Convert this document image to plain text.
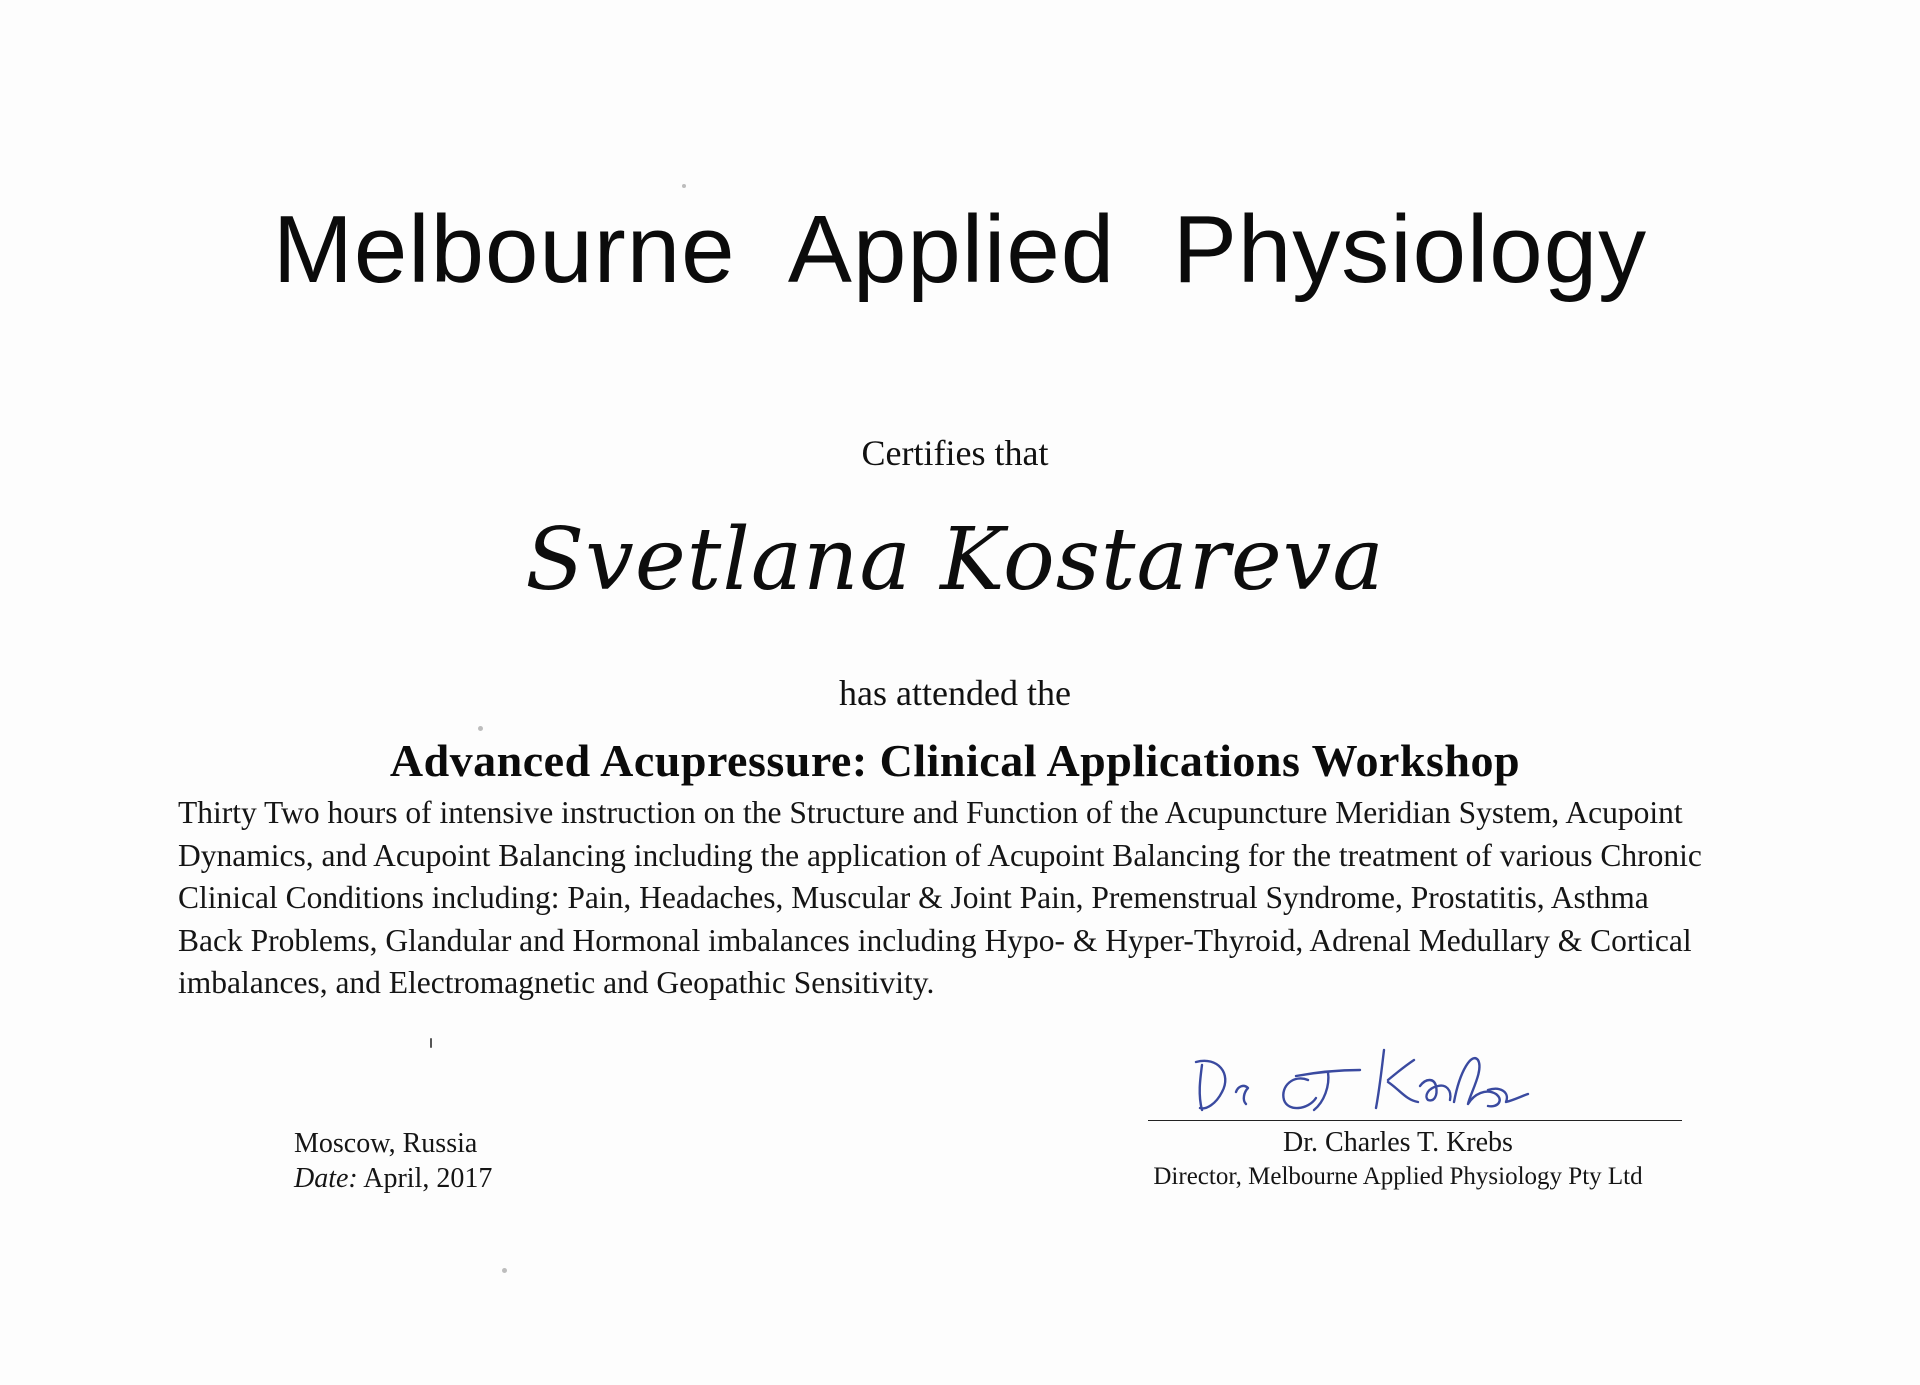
Melbourne Applied Physiology
Certifies that
Svetlana Kostareva
has attended the
Advanced Acupressure: Clinical Applications Workshop

Thirty Two hours of intensive instruction on the Structure and Function of the Acupuncture Meridian System, Acupoint
Dynamics, and Acupoint Balancing including the application of Acupoint Balancing for the treatment of various Chronic
Clinical Conditions including: Pain, Headaches, Muscular & Joint Pain, Premenstrual Syndrome, Prostatitis, Asthma
Back Problems, Glandular and Hormonal imbalances including Hypo- & Hyper-Thyroid, Adrenal Medullary & Cortical
imbalances, and Electromagnetic and Geopathic Sensitivity.

Moscow, Russia
Date: April, 2017
Dr. Charles T. Krebs
Director, Melbourne Applied Physiology Pty Ltd
